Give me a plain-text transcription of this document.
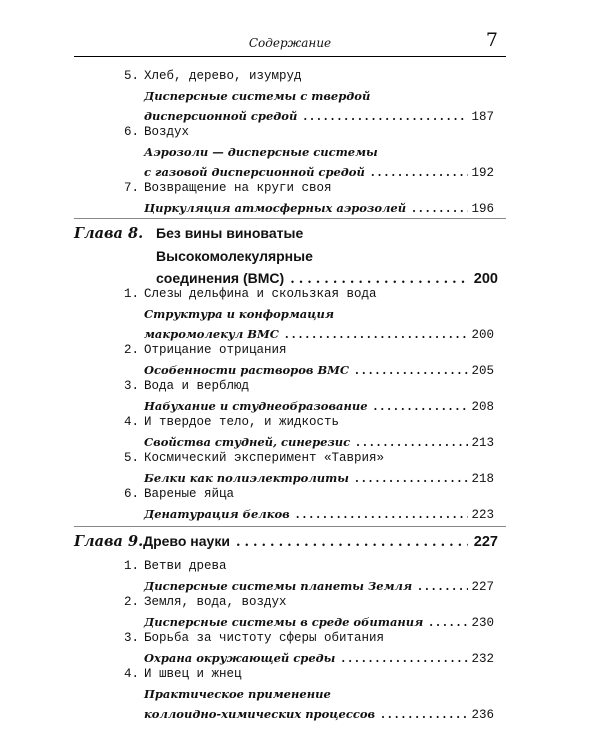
Содержание	7
5. Хлеб, дерево, изумруд
Дисперсные системы с твердой
дисперсионной средой .....	187
6. Воздух
Аэрозоли — дисперсные системы
с газовой дисперсионной средой .....	192
7. Возвращение на круги своя
Циркуляция атмосферных аэрозолей .....	196
Глава 8. Без вины виноватые
Высокомолекулярные
соединения (ВМС) .....	200
1. Слезы дельфина и скользкая вода
Структура и конформация
макромолекул ВМС .....	200
2. Отрицание отрицания
Особенности растворов ВМС .....	205
3. Вода и верблюд
Набухание и студнеобразование .....	208
4. И твердое тело, и жидкость
Свойства студней, синерезис .....	213
5. Космический эксперимент «Таврия»
Белки как полиэлектролиты .....	218
6. Вареные яйца
Денатурация белков .....	223
Глава 9. Древо науки .....	227
1. Ветви древа
Дисперсные системы планеты Земля .....	227
2. Земля, вода, воздух
Дисперсные системы в среде обитания .....	230
3. Борьба за чистоту сферы обитания
Охрана окружающей среды .....	232
4. И швец и жнец
Практическое применение
коллоидно-химических процессов .....	236
